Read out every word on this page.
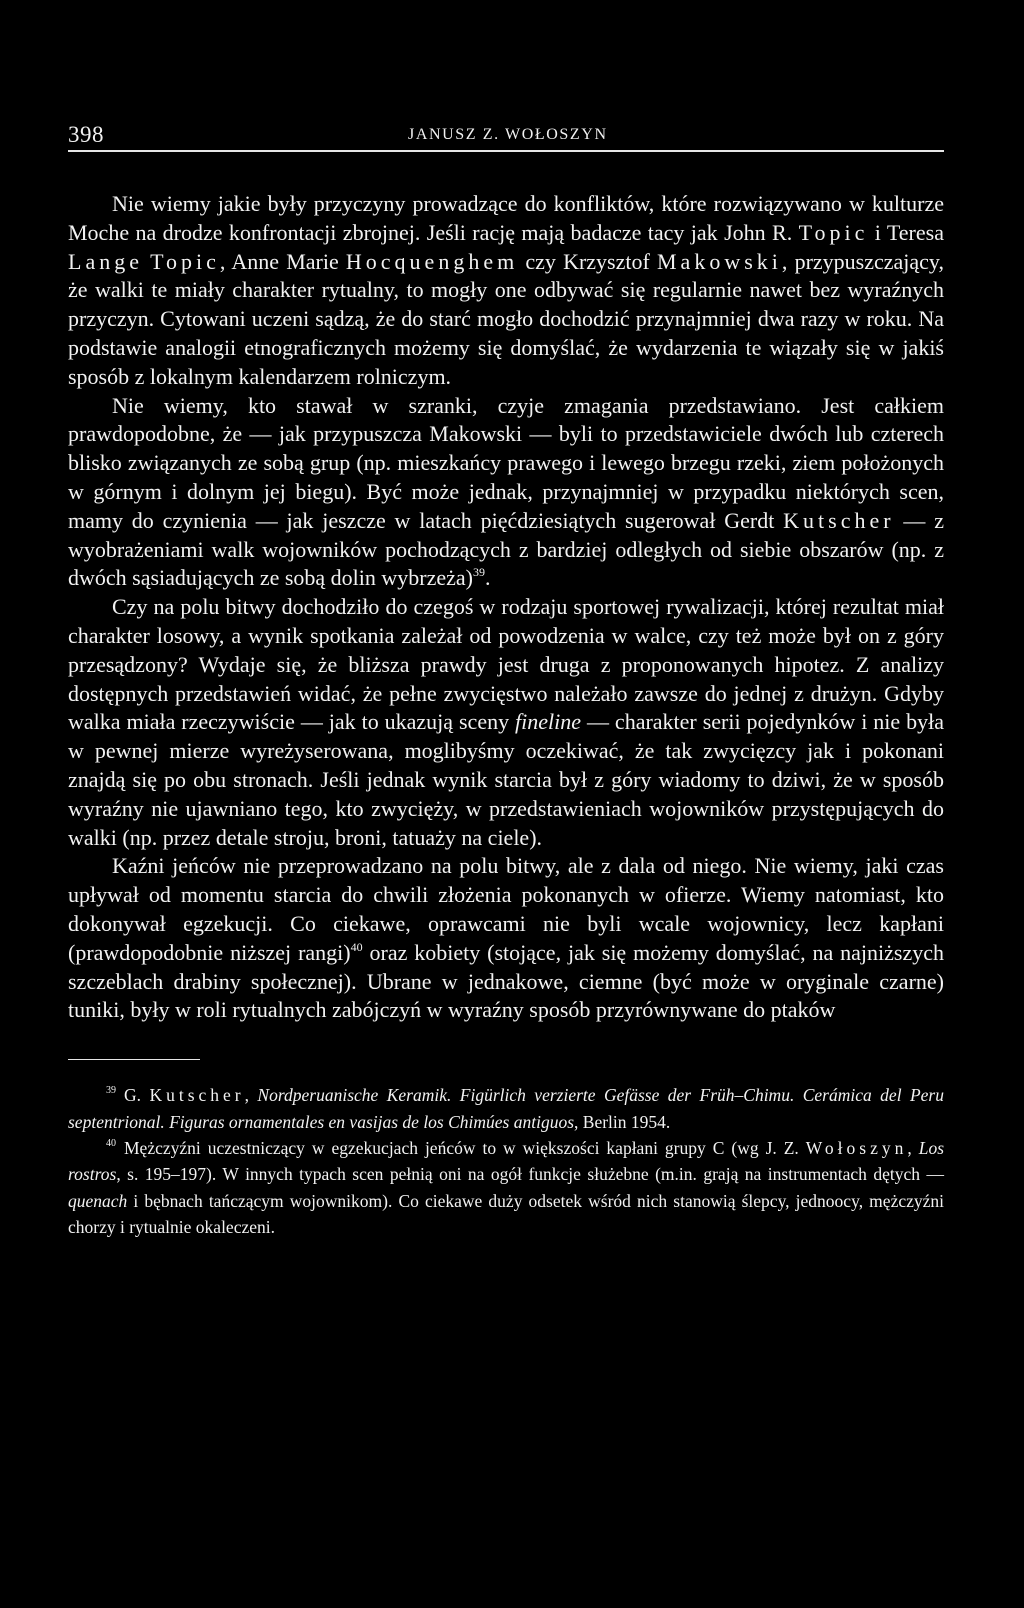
398	JANUSZ Z. WOŁOSZYN

Nie wiemy jakie były przyczyny prowadzące do konfliktów, które rozwiązywano w kulturze Moche na drodze konfrontacji zbrojnej. Jeśli rację mają badacze tacy jak John R. Topic i Teresa Lange Topic, Anne Marie Hocquenghem czy Krzysztof Makowski, przypuszczający, że walki te miały charakter rytualny, to mogły one odbywać się regularnie nawet bez wyraźnych przyczyn. Cytowani uczeni sądzą, że do starć mogło dochodzić przynajmniej dwa razy w roku. Na podstawie analogii etnograficznych możemy się domyślać, że wydarzenia te wiązały się w jakiś sposób z lokalnym kalendarzem rolniczym.

Nie wiemy, kto stawał w szranki, czyje zmagania przedstawiano. Jest całkiem prawdopodobne, że — jak przypuszcza Makowski — byli to przedstawiciele dwóch lub czterech blisko związanych ze sobą grup (np. mieszkańcy prawego i lewego brzegu rzeki, ziem położonych w górnym i dolnym jej biegu). Być może jednak, przynajmniej w przypadku niektórych scen, mamy do czynienia — jak jeszcze w latach pięćdziesiątych sugerował Gerdt Kutscher — z wyobrażeniami walk wojowników pochodzących z bardziej odległych od siebie obszarów (np. z dwóch sąsiadujących ze sobą dolin wybrzeża)$^{39}$.

Czy na polu bitwy dochodziło do czegoś w rodzaju sportowej rywalizacji, której rezultat miał charakter losowy, a wynik spotkania zależał od powodzenia w walce, czy też może był on z góry przesądzony? Wydaje się, że bliższa prawdy jest druga z proponowanych hipotez. Z analizy dostępnych przedstawień widać, że pełne zwycięstwo należało zawsze do jednej z drużyn. Gdyby walka miała rzeczywiście — jak to ukazują sceny fineline — charakter serii pojedynków i nie była w pewnej mierze wyreżyserowana, moglibyśmy oczekiwać, że tak zwycięzcy jak i pokonani znajdą się po obu stronach. Jeśli jednak wynik starcia był z góry wiadomy to dziwi, że w sposób wyraźny nie ujawniano tego, kto zwycięży, w przedstawieniach wojowników przystępujących do walki (np. przez detale stroju, broni, tatuaży na ciele).

Kaźni jeńców nie przeprowadzano na polu bitwy, ale z dala od niego. Nie wiemy, jaki czas upływał od momentu starcia do chwili złożenia pokonanych w ofierze. Wiemy natomiast, kto dokonywał egzekucji. Co ciekawe, oprawcami nie byli wcale wojownicy, lecz kapłani (prawdopodobnie niższej rangi)$^{40}$ oraz kobiety (stojące, jak się możemy domyślać, na najniższych szczeblach drabiny społecznej). Ubrane w jednakowe, ciemne (być może w oryginale czarne) tuniki, były w roli rytualnych zabójczyń w wyraźny sposób przyrównywane do ptaków

$^{39}$ G. Kutscher, Nordperuanische Keramik. Figürlich verzierte Gefässe der Früh–Chimu. Cerámica del Peru septentrional. Figuras ornamentales en vasijas de los Chimúes antiguos, Berlin 1954.

$^{40}$ Mężczyźni uczestniczący w egzekucjach jeńców to w większości kapłani grupy C (wg J. Z. Wołoszyn, Los rostros, s. 195–197). W innych typach scen pełnią oni na ogół funkcje służebne (m.in. grają na instrumentach dętych — quenach i bębnach tańczącym wojownikom). Co ciekawe duży odsetek wśród nich stanowią ślepcy, jednoocy, mężczyźni chorzy i rytualnie okaleczeni.
